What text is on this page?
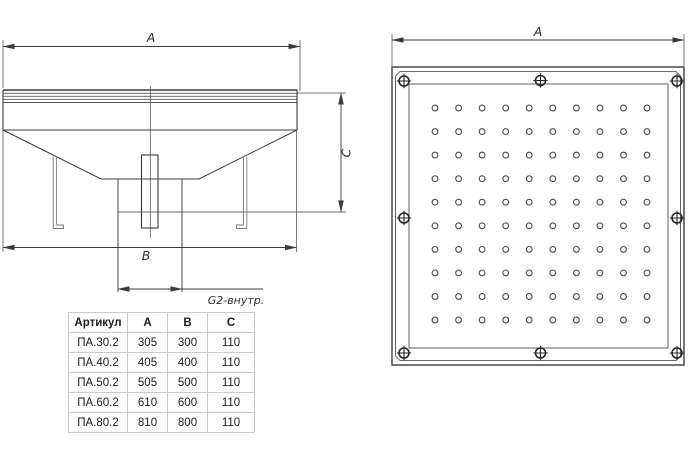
A
C
B
G2-внутр.
A
Артикул	A	B	C
ПА.30.2	305	300	110
ПА.40.2	405	400	110
ПА.50.2	505	500	110
ПА.60.2	610	600	110
ПА.80.2	810	800	110
